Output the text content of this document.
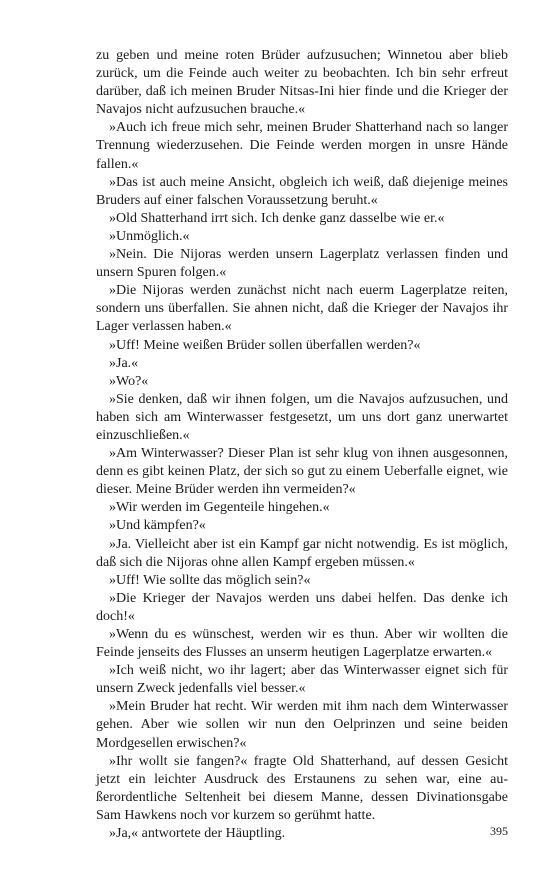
zu geben und meine roten Brüder aufzusuchen; Winnetou aber blieb zurück, um die Feinde auch weiter zu beobachten. Ich bin sehr erfreut darüber, daß ich meinen Bruder Nitsas-Ini hier finde und die Krieger der Navajos nicht aufzusuchen brauche.«

»Auch ich freue mich sehr, meinen Bruder Shatterhand nach so langer Trennung wiederzusehen. Die Feinde werden morgen in unsre Hände fallen.«

»Das ist auch meine Ansicht, obgleich ich weiß, daß diejenige meines Bruders auf einer falschen Voraussetzung beruht.«

»Old Shatterhand irrt sich. Ich denke ganz dasselbe wie er.«

»Unmöglich.«

»Nein. Die Nijoras werden unsern Lagerplatz verlassen finden und unsern Spuren folgen.«

»Die Nijoras werden zunächst nicht nach euerm Lagerplatze reiten, sondern uns überfallen. Sie ahnen nicht, daß die Krieger der Navajos ihr Lager verlassen haben.«

»Uff! Meine weißen Brüder sollen überfallen werden?«

»Ja.«

»Wo?«

»Sie denken, daß wir ihnen folgen, um die Navajos aufzusuchen, und haben sich am Winterwasser festgesetzt, um uns dort ganz unerwartet einzuschließen.«

»Am Winterwasser? Dieser Plan ist sehr klug von ihnen ausgesonnen, denn es gibt keinen Platz, der sich so gut zu einem Ueberfalle eignet, wie dieser. Meine Brüder werden ihn vermeiden?«

»Wir werden im Gegenteile hingehen.«

»Und kämpfen?«

»Ja. Vielleicht aber ist ein Kampf gar nicht notwendig. Es ist möglich, daß sich die Nijoras ohne allen Kampf ergeben müssen.«

»Uff! Wie sollte das möglich sein?«

»Die Krieger der Navajos werden uns dabei helfen. Das denke ich doch!«

»Wenn du es wünschest, werden wir es thun. Aber wir wollten die Feinde jenseits des Flusses an unserm heutigen Lagerplatze erwarten.«

»Ich weiß nicht, wo ihr lagert; aber das Winterwasser eignet sich für unsern Zweck jedenfalls viel besser.«

»Mein Bruder hat recht. Wir werden mit ihm nach dem Winterwasser gehen. Aber wie sollen wir nun den Oelprinzen und seine beiden Mordgesellen erwischen?«

»Ihr wollt sie fangen?« fragte Old Shatterhand, auf dessen Gesicht jetzt ein leichter Ausdruck des Erstaunens zu sehen war, eine außerordentliche Seltenheit bei diesem Manne, dessen Divinationsgabe Sam Hawkens noch vor kurzem so gerühmt hatte.

»Ja,« antwortete der Häuptling.	395
